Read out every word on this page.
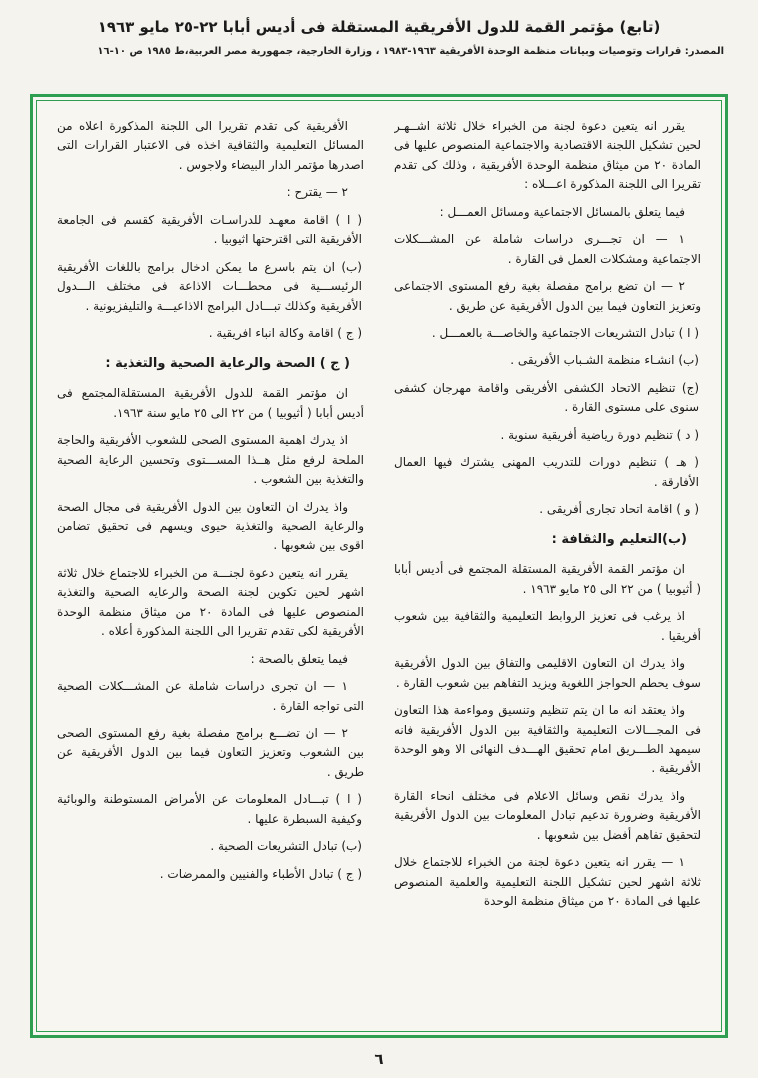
(تابع) مؤتمر القمة للدول الأفريقية المستقلة فى أديس أبابا ٢٢-٢٥ مايو ١٩٦٣
المصدر: قرارات وتوصيات وبيانات منظمة الوحدة الأفريقية ١٩٦٣-١٩٨٣ ، وزارة الخارجية، جمهورية مصر العربية،ط ١٩٨٥ ص ١٠-١٦

يقرر انه يتعين دعوة لجنة من الخبراء خلال ثلاثة اشــهـر لحين تشكيل اللجنة الاقتصادية والاجتماعية المنصوص عليها فى المادة ٢٠ من ميثاق منظمة الوحدة الأفريقية ، وذلك كى تقدم تقريرا الى اللجنة المذكورة اعـــلاه :

فيما يتعلق بالمسائل الاجتماعية ومسائل العمـــل :

١ — ان تجـــرى دراسات شاملة عن المشـــكلات الاجتماعية ومشكلات العمل فى القارة .

٢ — ان تضع برامج مفصلة بغية رفع المستوى الاجتماعى وتعزيز التعاون فيما بين الدول الأفريقية عن طريق .

( ا ) تبادل التشريعات الاجتماعية والخاصـــة بالعمـــل .

(ب) انشـاء منظمة الشـباب الأفريقى .

(ج) تنظيم الاتحاد الكشفى الأفريقى واقامة مهرجان كشفى سنوى على مستوى القارة .

( د ) تنظيم دورة رياضية أفريقية سنوية .

( هـ ) تنظيم دورات للتدريب المهنى يشترك فيها العمال الأفارقة .

( و ) اقامة اتحاد تجارى أفريقى .

(ب)التعليم والثقافة :

ان مؤتمر القمة الأفريقية المستقلة المجتمع فى أديس أبابا ( أثيوبيا ) من ٢٢ الى ٢٥ مايو ١٩٦٣ .

اذ يرغب فى تعزيز الروابط التعليمية والثقافية بين شعوب أفريقيا .

واذ يدرك ان التعاون الاقليمى والتفاق بين الدول الأفريقية سوف يحطم الحواجز اللغوية ويزيد التفاهم بين شعوب القارة .

واذ يعتقد انه ما ان يتم تنظيم وتنسيق ومواءمة هذا التعاون فى المجـــالات التعليمية والثقافية بين الدول الأفريقية فانه سيمهد الطـــريق امام تحقيق الهـــدف النهائى الا وهو الوحدة الأفريقية .

واذ يدرك نقص وسائل الاعلام فى مختلف انحاء القارة الأفريقية وضرورة تدعيم تبادل المعلومات بين الدول الأفريقية لتحقيق تفاهم أفضل بين شعوبها .

١ — يقرر انه يتعين دعوة لجنة من الخبراء للاجتماع خلال ثلاثة اشهر لحين تشكيل اللجنة التعليمية والعلمية المنصوص عليها فى المادة ٢٠ من ميثاق منظمة الوحدة

الأفريقية كى تقدم تقريرا الى اللجنة المذكورة اعلاه من المسائل التعليمية والثقافية اخذه فى الاعتبار القرارات التى اصدرها مؤتمر الدار البيضاء ولاجوس .

٢ — يقترح :

( ا ) اقامة معهـد للدراسـات الأفريقية كقسم فى الجامعة الأفريقية التى اقترحتها اثيوبيا .

(ب) ان يتم باسرع ما يمكن ادخال برامج باللغات الأفريقية الرئيســـية فى محطـــات الاذاعة فى مختلف الـــدول الأفريقية وكذلك تبـــادل البرامج الاذاعيـــة والتليفزيونية .

( ج ) اقامة وكالة انباء افريقية .

( ج ) الصحة والرعاية الصحية والتغذية :

ان مؤتمر القمة للدول الأفريقية المستقلةالمجتمع فى أديس أبابا ( أثيوبيا ) من ٢٢ الى ٢٥ مايو سنة ١٩٦٣.

اذ يدرك اهمية المستوى الصحى للشعوب الأفريقية والحاجة الملحة لرفع مثل هــذا المســـتوى وتحسين الرعاية الصحية والتغذية بين الشعوب .

واذ يدرك ان التعاون بين الدول الأفريقية فى مجال الصحة والرعاية الصحية والتغذية حيوى ويسهم فى تحقيق تضامن اقوى بين شعوبها .

يقرر انه يتعين دعوة لجنـــة من الخبراء للاجتماع خلال ثلاثة اشهر لحين تكوين لجنة الصحة والرعايه الصحية والتغذية المنصوص عليها فى المادة ٢٠ من ميثاق منظمة الوحدة الأفريقية لكى تقدم تقريرا الى اللجنة المذكورة أعلاه .

فيما يتعلق بالصحة :

١ — ان تجرى دراسات شاملة عن المشـــكلات الصحية التى تواجه القارة .

٢ — ان تضـــع برامج مفصلة بغية رفع المستوى الصحى بين الشعوب وتعزيز التعاون فيما بين الدول الأفريقية عن طريق .

( ا ) تبـــادل المعلومات عن الأمراض المستوطنة والوبائية وكيفية السبطرة عليها .

(ب) تبادل التشريعات الصحية .

( ج ) تبادل الأطباء والفنيين والممرضات .

٦
